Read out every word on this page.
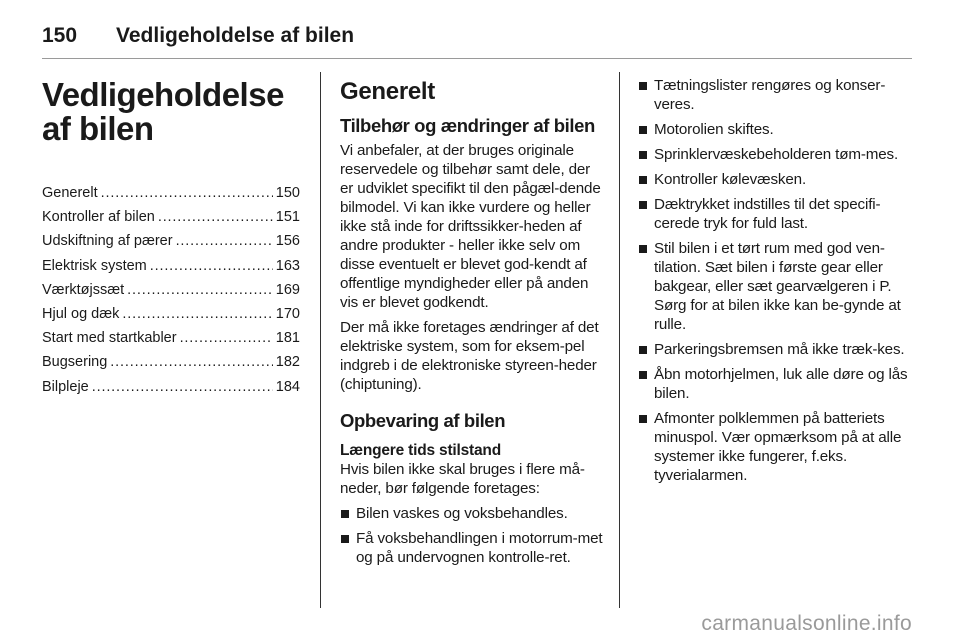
150	Vedligeholdelse af bilen
Vedligeholdelse af bilen
Generelt . . .	150
Kontroller af bilen . . .	151
Udskiftning af pærer . . .	156
Elektrisk system . . .	163
Værktøjssæt . . .	169
Hjul og dæk . . .	170
Start med startkabler . . .	181
Bugsering . . .	182
Bilpleje . . .	184
Generelt
Tilbehør og ændringer af bilen

Vi anbefaler, at der bruges originale reservedele og tilbehør samt dele, der er udviklet specifikt til den pågæl-dende bilmodel. Vi kan ikke vurdere og heller ikke stå inde for driftssikker-heden af andre produkter - heller ikke selv om disse eventuelt er blevet god-kendt af offentlige myndigheder eller på anden vis er blevet godkendt.

Der må ikke foretages ændringer af det elektriske system, som for eksem-pel indgreb i de elektroniske styreen-heder (chiptuning).

Opbevaring af bilen
Længere tids stilstand

Hvis bilen ikke skal bruges i flere må-neder, bør følgende foretages:

Bilen vaskes og voksbehandles.
Få voksbehandlingen i motorrum-met og på undervognen kontrolle-ret.
Tætningslister rengøres og konser-veres.
Motorolien skiftes.
Sprinklervæskebeholderen tøm-mes.
Kontroller kølevæsken.
Dæktrykket indstilles til det specifi-cerede tryk for fuld last.
Stil bilen i et tørt rum med god ven-tilation. Sæt bilen i første gear eller bakgear, eller sæt gearvælgeren i P. Sørg for at bilen ikke kan be-gynde at rulle.
Parkeringsbremsen må ikke træk-kes.
Åbn motorhjelmen, luk alle døre og lås bilen.
Afmonter polklemmen på batteriets minuspol. Vær opmærksom på at alle systemer ikke fungerer, f.eks. tyverialarmen.
carmanualsonline.info
